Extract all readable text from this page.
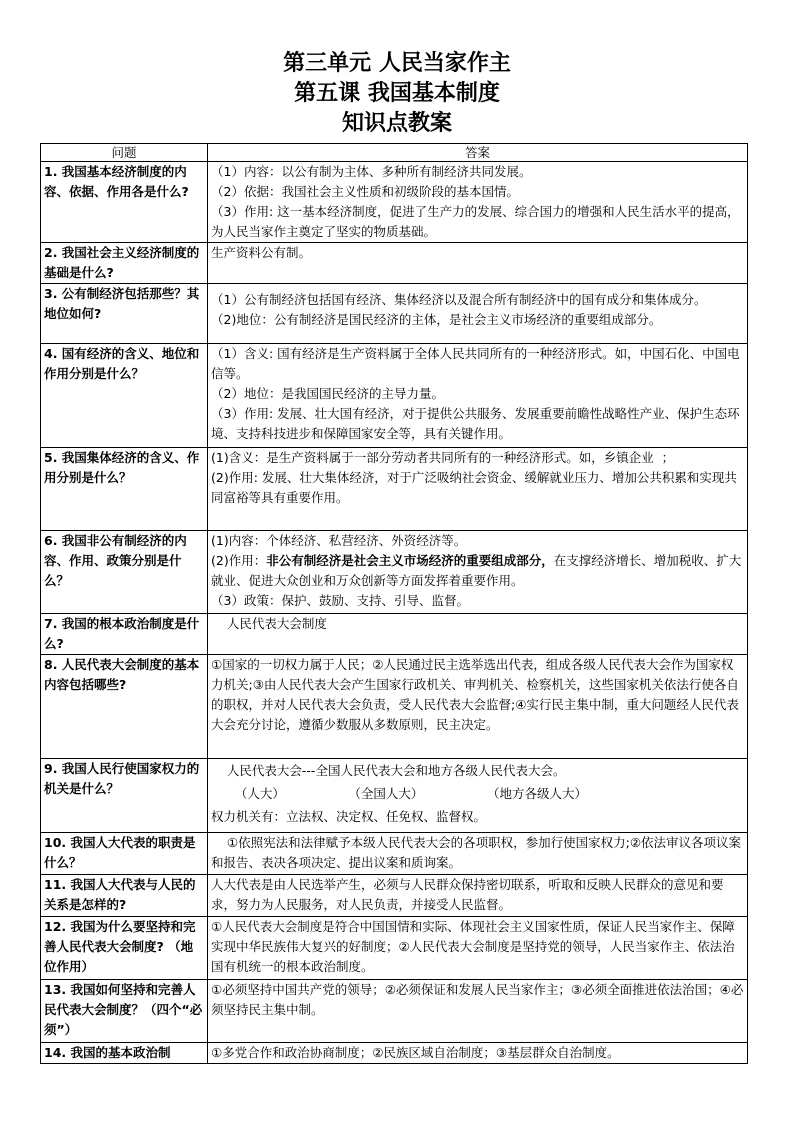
第三单元 人民当家作主
第五课 我国基本制度
知识点教案
问题	答案
1. 我国基本经济制度的内容、依据、作用各是什么?	（1）内容：以公有制为主体、多种所有制经济共同发展。
（2）依据：我国社会主义性质和初级阶段的基本国情。
（3）作用: 这一基本经济制度，促进了生产力的发展、综合国力的增强和人民生活水平的提高，为人民当家作主奠定了坚实的物质基础。

2. 我国社会主义经济制度的基础是什么?	生产资料公有制。

3. 公有制经济包括那些？其地位如何?	（1）公有制经济包括国有经济、集体经济以及混合所有制经济中的国有成分和集体成分。
（2)地位：公有制经济是国民经济的主体，是社会主义市场经济的重要组成部分。

4. 国有经济的含义、地位和作用分别是什么？	（1）含义: 国有经济是生产资料属于全体人民共同所有的一种经济形式。如，中国石化、中国电信等。
（2）地位：是我国国民经济的主导力量。
（3）作用: 发展、壮大国有经济，对于提供公共服务、发展重要前瞻性战略性产业、保护生态环境、支持科技进步和保障国家安全等，具有关键作用。

5. 我国集体经济的含义、作用分别是什么？	(1)含义：是生产资料属于一部分劳动者共同所有的一种经济形式。如，乡镇企业  ；
(2)作用: 发展、壮大集体经济，对于广泛吸纳社会资金、缓解就业压力、增加公共积累和实现共同富裕等具有重要作用。

6. 我国非公有制经济的内容、作用、政策分别是什么？	(1)内容：个体经济、私营经济、外资经济等。
(2)作用：非公有制经济是社会主义市场经济的重要组成部分，在支撑经济增长、增加税收、扩大就业、促进大众创业和万众创新等方面发挥着重要作用。
（3）政策：保护、鼓励、支持、引导、监督。

7. 我国的根本政治制度是什么?	人民代表大会制度

8. 人民代表大会制度的基本内容包括哪些?	①国家的一切权力属于人民；②人民通过民主选举选出代表，组成各级人民代表大会作为国家权力机关;③由人民代表大会产生国家行政机关、审判机关、检察机关，这些国家机关依法行使各自的职权，并对人民代表大会负责，受人民代表大会监督;④实行民主集中制，重大问题经人民代表大会充分讨论，遵循少数服从多数原则，民主决定。

9. 我国人民行使国家权力的机关是什么？	人民代表大会---全国人民代表大会和地方各级人民代表大会。
（人大）                （全国人大）                （地方各级人大）
权力机关有：立法权、决定权、任免权、监督权。

10. 我国人大代表的职责是什么？	①依照宪法和法律赋予本级人民代表大会的各项职权，参加行使国家权力;②依法审议各项议案和报告、表决各项决定、提出议案和质询案。

11. 我国人大代表与人民的关系是怎样的?	人大代表是由人民选举产生，必须与人民群众保持密切联系，听取和反映人民群众的意见和要求，努力为人民服务，对人民负责，并接受人民监督。

12. 我国为什么要坚持和完善人民代表大会制度? （地位作用）	①人民代表大会制度是符合中国国情和实际、体现社会主义国家性质，保证人民当家作主、保障实现中华民族伟大复兴的好制度；②人民代表大会制度是坚持党的领导，人民当家作主、依法治国有机统一的根本政治制度。

13. 我国如何坚持和完善人民代表大会制度？（四个“必须”）	①必须坚持中国共产党的领导；②必须保证和发展人民当家作主；③必须全面推进依法治国；④必须坚持民主集中制。

14. 我国的基本政治制	①多党合作和政治协商制度；②民族区域自治制度；③基层群众自治制度。
